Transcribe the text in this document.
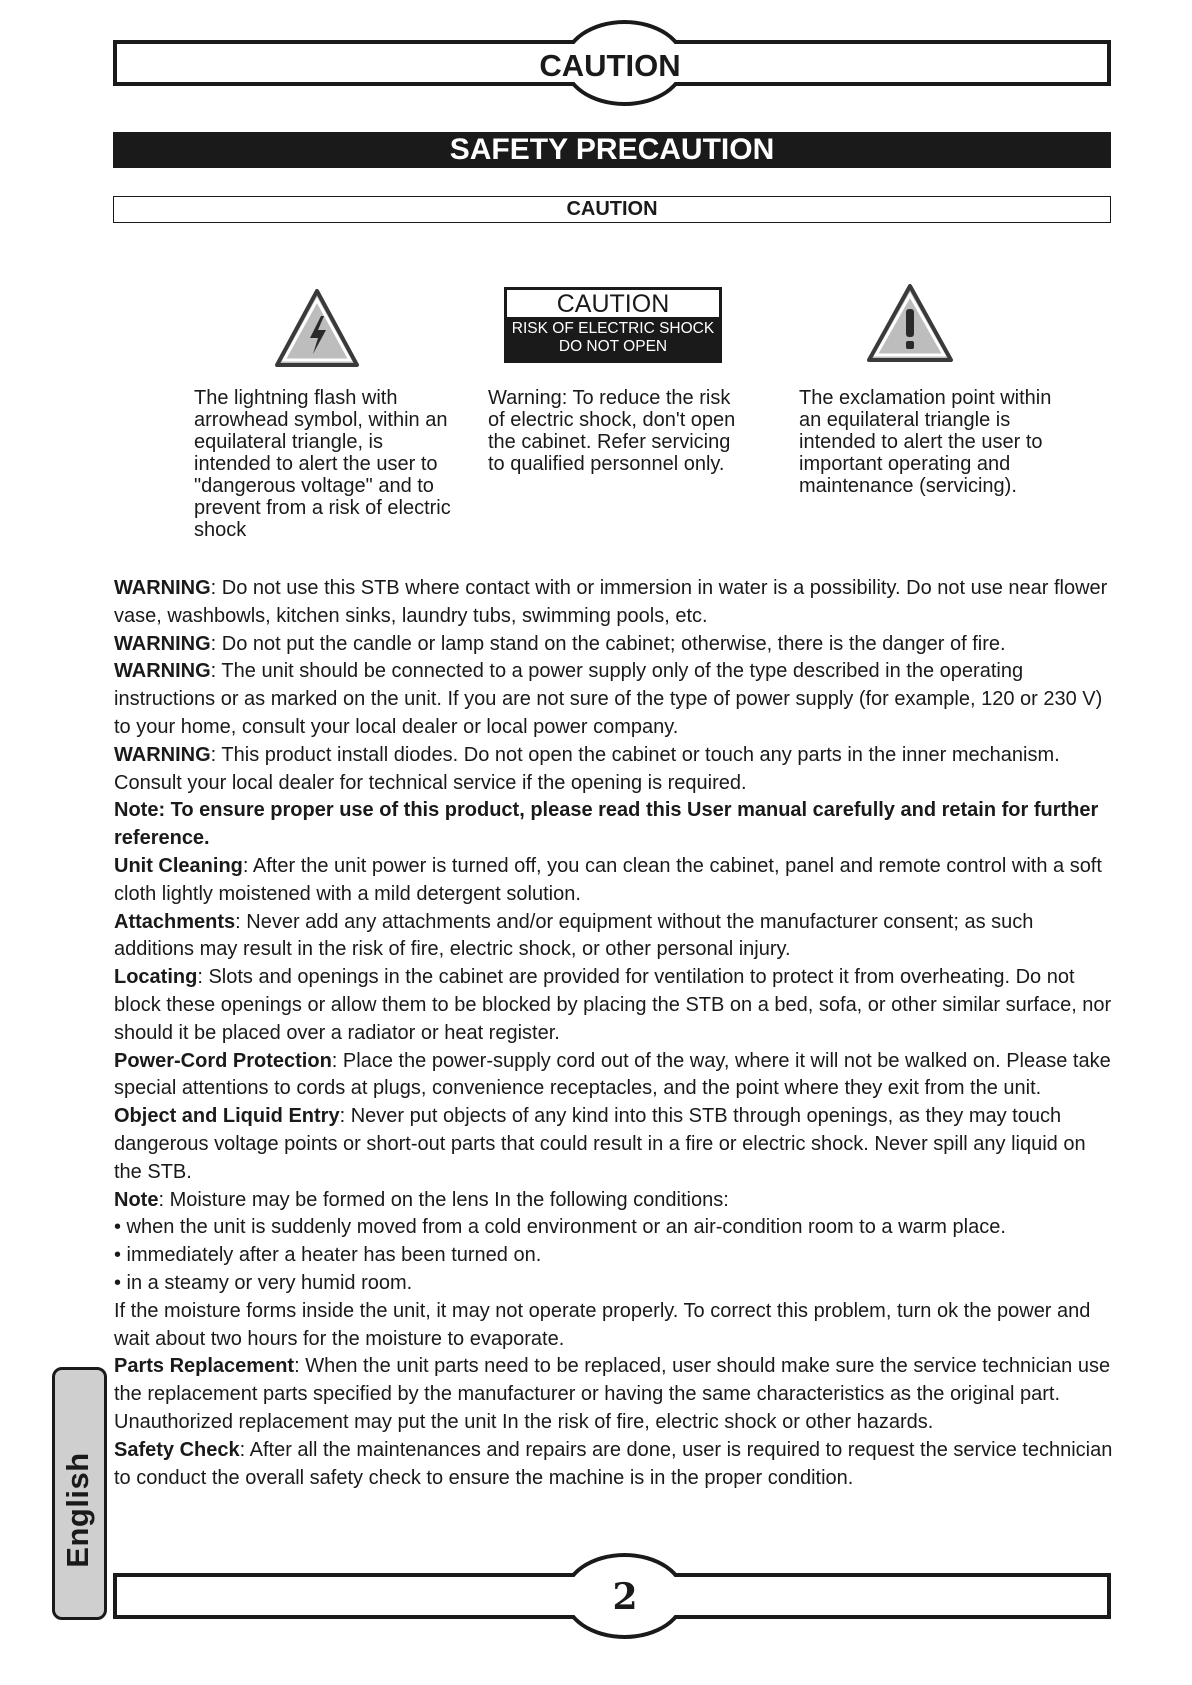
CAUTION
SAFETY PRECAUTION
CAUTION
CAUTION
RISK OF ELECTRIC SHOCK
DO NOT OPEN
The lightning flash with
arrowhead symbol, within an
equilateral triangle, is
intended to alert the user to
"dangerous voltage" and to
prevent from a risk of electric
shock
Warning: To reduce the risk
of electric shock, don't open
the cabinet. Refer servicing
to qualified personnel only.
The exclamation point within
an equilateral triangle is
intended to alert the user to
important operating and
maintenance (servicing).

WARNING: Do not use this STB where contact with or immersion in water is a possibility. Do not use near flower vase, washbowls, kitchen sinks, laundry tubs, swimming pools, etc.

WARNING: Do not put the candle or lamp stand on the cabinet; otherwise, there is the danger of fire.

WARNING: The unit should be connected to a power supply only of the type described in the operating instructions or as marked on the unit. If you are not sure of the type of power supply (for example, 120 or 230 V) to your home, consult your local dealer or local power company.

WARNING: This product install diodes. Do not open the cabinet or touch any parts in the inner mechanism. Consult your local dealer for technical service if the opening is required.

Note: To ensure proper use of this product, please read this User manual carefully and retain for further reference.

Unit Cleaning: After the unit power is turned off, you can clean the cabinet, panel and remote control with a soft cloth lightly moistened with a mild detergent solution.

Attachments: Never add any attachments and/or equipment without the manufacturer consent; as such additions may result in the risk of fire, electric shock, or other personal injury.

Locating: Slots and openings in the cabinet are provided for ventilation to protect it from overheating. Do not block these openings or allow them to be blocked by placing the STB on a bed, sofa, or other similar surface, nor should it be placed over a radiator or heat register.

Power-Cord Protection: Place the power-supply cord out of the way, where it will not be walked on. Please take special attentions to cords at plugs, convenience receptacles, and the point where they exit from the unit.

Object and Liquid Entry: Never put objects of any kind into this STB through openings, as they may touch dangerous voltage points or short-out parts that could result in a fire or electric shock. Never spill any liquid on the STB.

Note: Moisture may be formed on the lens In the following conditions:

• when the unit is suddenly moved from a cold environment or an air-condition room to a warm place.

• immediately after a heater has been turned on.

• in a steamy or very humid room.

If the moisture forms inside the unit, it may not operate properly. To correct this problem, turn ok the power and wait about two hours for the moisture to evaporate.

Parts Replacement: When the unit parts need to be replaced, user should make sure the service technician use the replacement parts specified by the manufacturer or having the same characteristics as the original part. Unauthorized replacement may put the unit In the risk of fire, electric shock or other hazards.

Safety Check: After all the maintenances and repairs are done, user is required to request the service technician to conduct the overall safety check to ensure the machine is in the proper condition.

English
2
